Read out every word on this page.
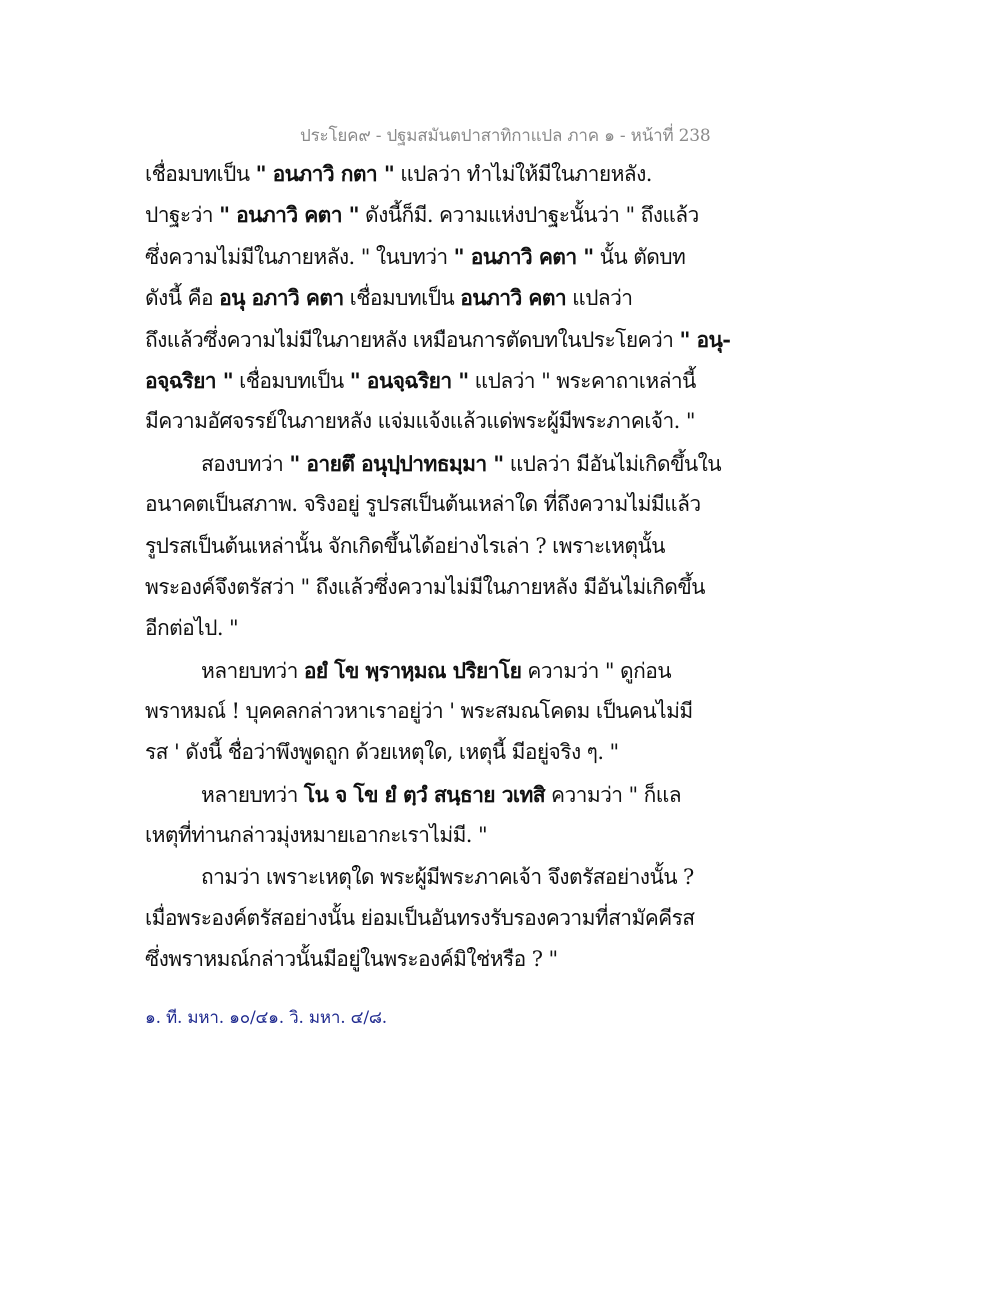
ประโยค๙ - ปฐมสมันตปาสาทิกาแปล ภาค ๑ - หน้าที่ 238
เชื่อมบทเป็น " อนภาวิ กตา " แปลว่า ทำไม่ให้มีในภายหลัง.
ปาฐะว่า " อนภาวิ คตา " ดังนี้ก็มี. ความแห่งปาฐะนั้นว่า " ถึงแล้ว
ซึ่งความไม่มีในภายหลัง. " ในบทว่า " อนภาวิ คตา " นั้น ตัดบท
ดังนี้ คือ อนุ อภาวิ คตา เชื่อมบทเป็น อนภาวิ คตา แปลว่า
ถึงแล้วซึ่งความไม่มีในภายหลัง เหมือนการตัดบทในประโยคว่า " อนุ-
อจฺฉริยา " เชื่อมบทเป็น " อนจฺฉริยา " แปลว่า " พระคาถาเหล่านี้
มีความอัศจรรย์ในภายหลัง แจ่มแจ้งแล้วแด่พระผู้มีพระภาคเจ้า. "
สองบทว่า " อายตึ อนุปฺปาทธมฺมา " แปลว่า มีอันไม่เกิดขึ้นใน
อนาคตเป็นสภาพ. จริงอยู่ รูปรสเป็นต้นเหล่าใด ที่ถึงความไม่มีแล้ว
รูปรสเป็นต้นเหล่านั้น จักเกิดขึ้นได้อย่างไรเล่า ? เพราะเหตุนั้น
พระองค์จึงตรัสว่า " ถึงแล้วซึ่งความไม่มีในภายหลัง มีอันไม่เกิดขึ้น
อีกต่อไป. "
หลายบทว่า อยํ โข พฺราหฺมณ ปริยาโย ความว่า " ดูก่อน
พราหมณ์ ! บุคคลกล่าวหาเราอยู่ว่า ' พระสมณโคดม เป็นคนไม่มี
รส ' ดังนี้ ชื่อว่าพึงพูดถูก ด้วยเหตุใด, เหตุนี้ มีอยู่จริง ๆ. "
หลายบทว่า โน จ โข ยํ ตฺวํ สนฺธาย วเทสิ ความว่า " ก็แล
เหตุที่ท่านกล่าวมุ่งหมายเอากะเราไม่มี. "
ถามว่า เพราะเหตุใด พระผู้มีพระภาคเจ้า จึงตรัสอย่างนั้น ?
เมื่อพระองค์ตรัสอย่างนั้น ย่อมเป็นอันทรงรับรองความที่สามัคคีรส
ซึ่งพราหมณ์กล่าวนั้นมีอยู่ในพระองค์มิใช่หรือ ? "
๑. ที. มหา. ๑๐/๔๑. วิ. มหา. ๔/๘.
